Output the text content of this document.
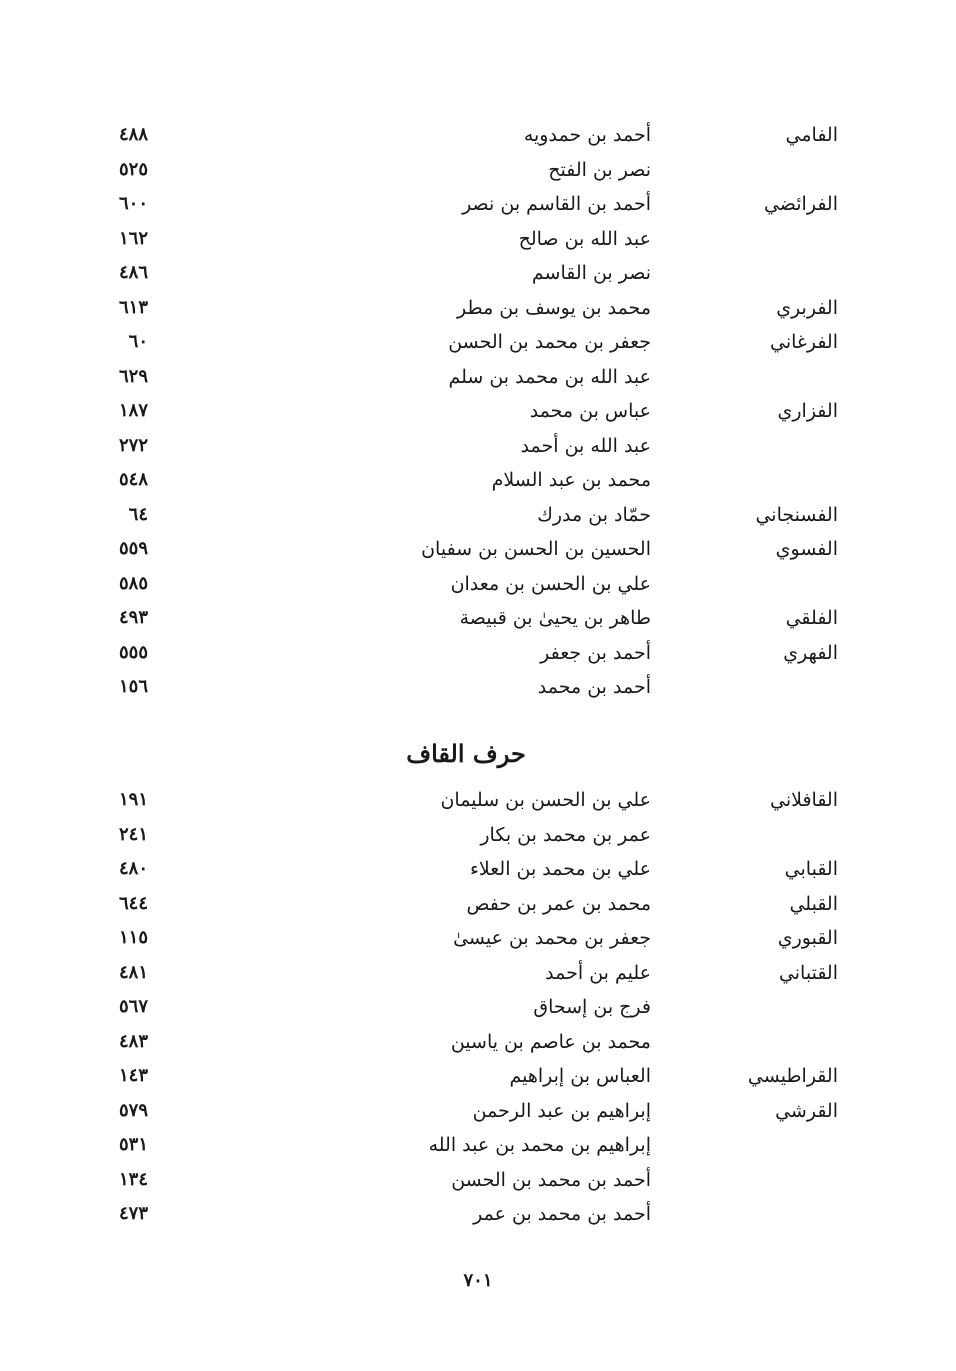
الفامي
أحمد بن حمدويه
٤٨٨
نصر بن الفتح
٥٢٥
الفرائضي
أحمد بن القاسم بن نصر
٦٠٠
عبد الله بن صالح
١٦٢
نصر بن القاسم
٤٨٦
الفربري
محمد بن يوسف بن مطر
٦١٣
الفرغاني
جعفر بن محمد بن الحسن
٦٠
عبد الله بن محمد بن سلم
٦٢٩
الفزاري
عباس بن محمد
١٨٧
عبد الله بن أحمد
٢٧٢
محمد بن عبد السلام
٥٤٨
الفسنجاني
حمّاد بن مدرك
٦٤
الفسوي
الحسين بن الحسن بن سفيان
٥٥٩
علي بن الحسن بن معدان
٥٨٥
الفلقي
طاهر بن يحيىٰ بن قبيصة
٤٩٣
الفهري
أحمد بن جعفر
٥٥٥
أحمد بن محمد
١٥٦
حرف القاف
القافلاني
علي بن الحسن بن سليمان
١٩١
عمر بن محمد بن بكار
٢٤١
القبابي
علي بن محمد بن العلاء
٤٨٠
القبلي
محمد بن عمر بن حفص
٦٤٤
القبوري
جعفر بن محمد بن عيسىٰ
١١٥
القتباني
عليم بن أحمد
٤٨١
فرج بن إسحاق
٥٦٧
محمد بن عاصم بن ياسين
٤٨٣
القراطيسي
العباس بن إبراهيم
١٤٣
القرشي
إبراهيم بن عبد الرحمن
٥٧٩
إبراهيم بن محمد بن عبد الله
٥٣١
أحمد بن محمد بن الحسن
١٣٤
أحمد بن محمد بن عمر
٤٧٣
٧٠١
